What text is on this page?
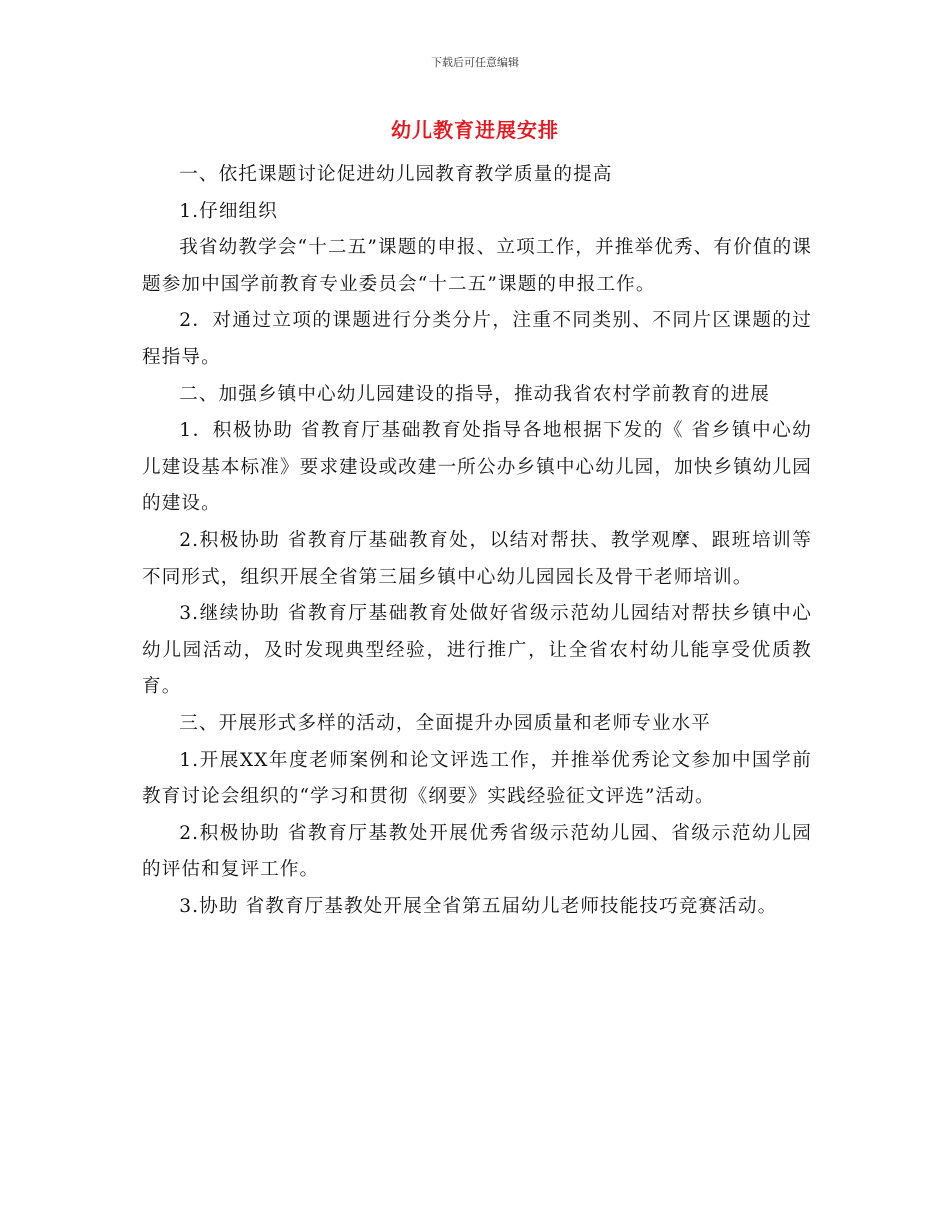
下载后可任意编辑
幼儿教育进展安排

一、依托课题讨论促进幼儿园教育教学质量的提高

1.仔细组织

我省幼教学会“十二五”课题的申报、立项工作，并推举优秀、有价值的课题参加中国学前教育专业委员会“十二五”课题的申报工作。

2．对通过立项的课题进行分类分片，注重不同类别、不同片区课题的过程指导。

二、加强乡镇中心幼儿园建设的指导，推动我省农村学前教育的进展

1．积极协助 省教育厅基础教育处指导各地根据下发的《 省乡镇中心幼儿建设基本标准》要求建设或改建一所公办乡镇中心幼儿园，加快乡镇幼儿园的建设。

2.积极协助 省教育厅基础教育处，以结对帮扶、教学观摩、跟班培训等不同形式，组织开展全省第三届乡镇中心幼儿园园长及骨干老师培训。

3.继续协助 省教育厅基础教育处做好省级示范幼儿园结对帮扶乡镇中心幼儿园活动，及时发现典型经验，进行推广，让全省农村幼儿能享受优质教育。

三、开展形式多样的活动，全面提升办园质量和老师专业水平

1.开展XX年度老师案例和论文评选工作，并推举优秀论文参加中国学前教育讨论会组织的“学习和贯彻《纲要》实践经验征文评选”活动。

2.积极协助 省教育厅基教处开展优秀省级示范幼儿园、省级示范幼儿园的评估和复评工作。

3.协助 省教育厅基教处开展全省第五届幼儿老师技能技巧竞赛活动。
